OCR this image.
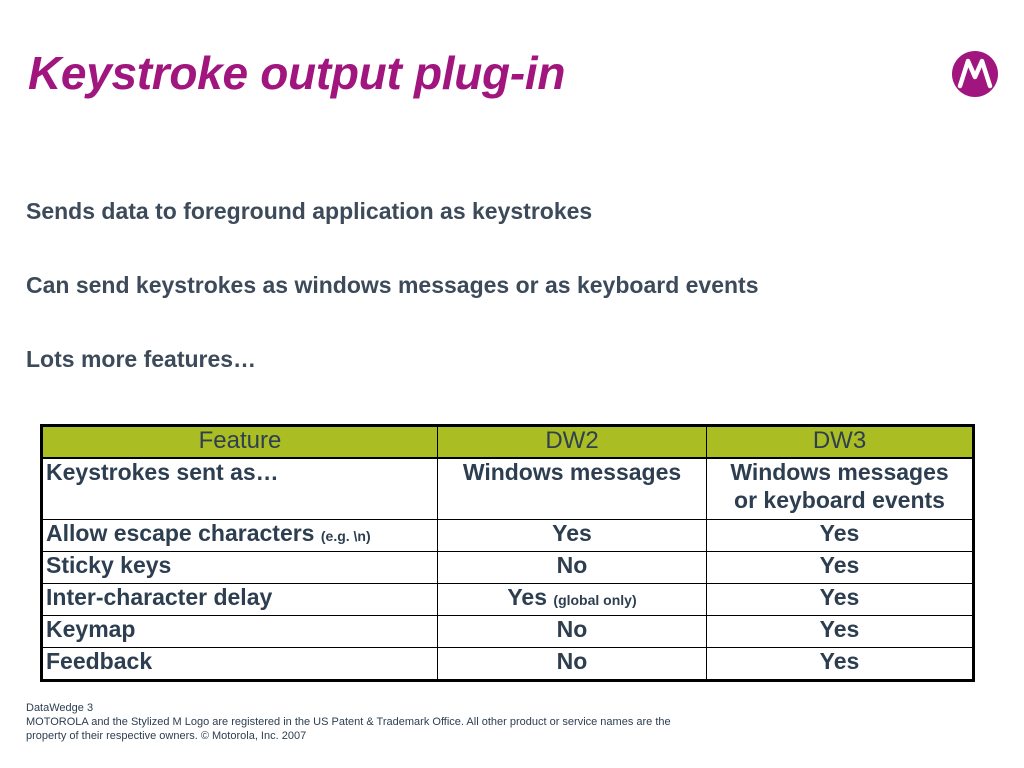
Keystroke output plug-in

Sends data to foreground application as keystrokes

Can send keystrokes as windows messages or as keyboard events

Lots more features…

Feature	DW2	DW3
Keystrokes sent as…	Windows messages	Windows messages
or keyboard events

Allow escape characters (e.g. \n)	Yes	Yes
Sticky keys	No	Yes
Inter-character delay	Yes (global only)	Yes
Keymap	No	Yes
Feedback	No	Yes
DataWedge 3
MOTOROLA and the Stylized M Logo are registered in the US Patent & Trademark Office. All other product or service names are the
property of their respective owners. © Motorola, Inc. 2007
